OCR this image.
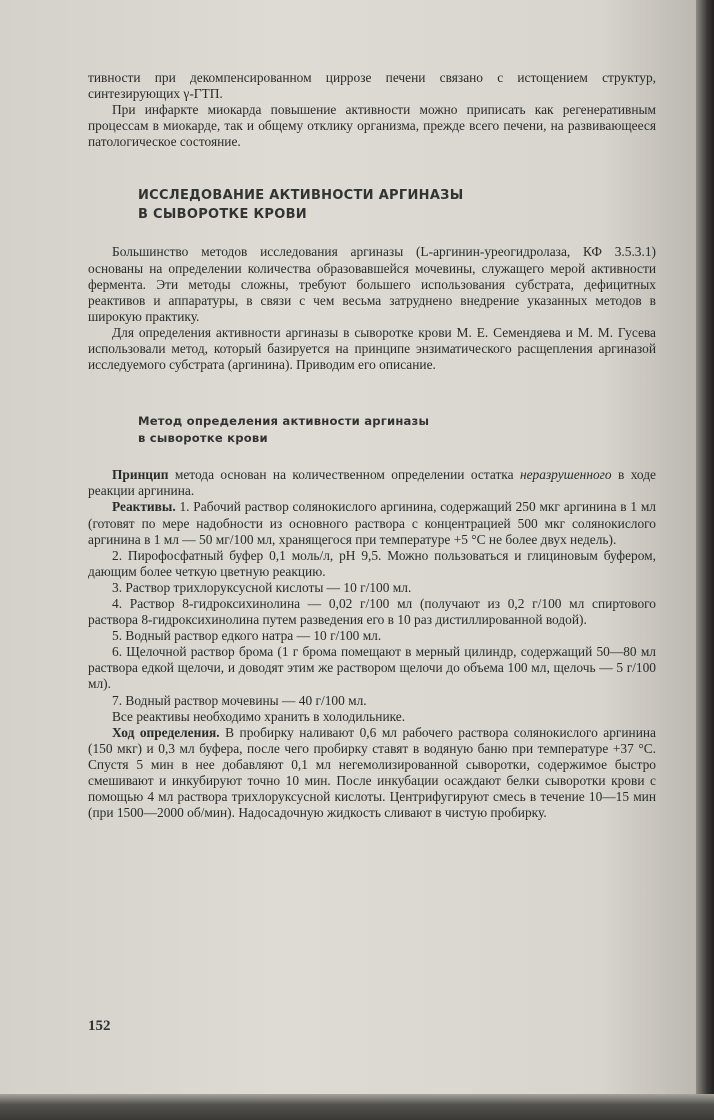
тивности при декомпенсированном циррозе печени связано с истощением структур, синтезирующих γ-ГТП.

При инфаркте миокарда повышение активности можно приписать как регенеративным процессам в миокарде, так и общему отклику организма, прежде всего печени, на развивающееся патологическое состояние.

ИССЛЕДОВАНИЕ АКТИВНОСТИ АРГИНАЗЫ
В СЫВОРОТКЕ КРОВИ

Большинство методов исследования аргиназы (L-аргинин-уреогидролаза, КФ 3.5.3.1) основаны на определении количества образовавшейся мочевины, служащего мерой активности фермента. Эти методы сложны, требуют большего использования субстрата, дефицитных реактивов и аппаратуры, в связи с чем весьма затруднено внедрение указанных методов в широкую практику.

Для определения активности аргиназы в сыворотке крови М. Е. Семендяева и М. М. Гусева использовали метод, который базируется на принципе энзиматического расщепления аргиназой исследуемого субстрата (аргинина). Приводим его описание.

Метод определения активности аргиназы
в сыворотке крови

Принцип метода основан на количественном определении остатка неразрушенного в ходе реакции аргинина.

Реактивы. 1. Рабочий раствор солянокислого аргинина, содержащий 250 мкг аргинина в 1 мл (готовят по мере надобности из основного раствора с концентрацией 500 мкг солянокислого аргинина в 1 мл — 50 мг/100 мл, хранящегося при температуре +5 °С не более двух недель).

2. Пирофосфатный буфер 0,1 моль/л, рН 9,5. Можно пользоваться и глициновым буфером, дающим более четкую цветную реакцию.

3. Раствор трихлоруксусной кислоты — 10 г/100 мл.

4. Раствор 8-гидроксихинолина — 0,02 г/100 мл (получают из 0,2 г/100 мл спиртового раствора 8-гидроксихинолина путем разведения его в 10 раз дистиллированной водой).

5. Водный раствор едкого натра — 10 г/100 мл.

6. Щелочной раствор брома (1 г брома помещают в мерный цилиндр, содержащий 50—80 мл раствора едкой щелочи, и доводят этим же раствором щелочи до объема 100 мл, щелочь — 5 г/100 мл).

7. Водный раствор мочевины — 40 г/100 мл.

Все реактивы необходимо хранить в холодильнике.

Ход определения. В пробирку наливают 0,6 мл рабочего раствора солянокислого аргинина (150 мкг) и 0,3 мл буфера, после чего пробирку ставят в водяную баню при температуре +37 °С. Спустя 5 мин в нее добавляют 0,1 мл негемолизированной сыворотки, содержимое быстро смешивают и инкубируют точно 10 мин. После инкубации осаждают белки сыворотки крови с помощью 4 мл раствора трихлоруксусной кислоты. Центрифугируют смесь в течение 10—15 мин (при 1500—2000 об/мин). Надосадочную жидкость сливают в чистую пробирку.

152
